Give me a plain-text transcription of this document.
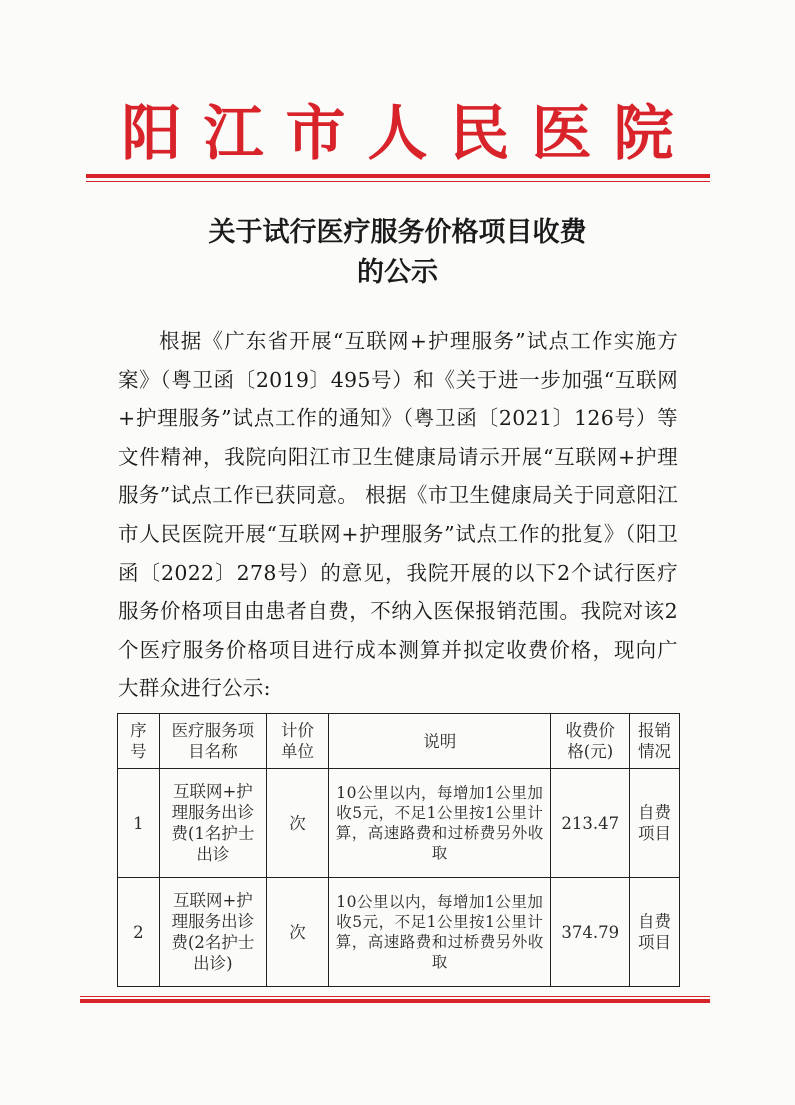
阳江市人民医院
关于试行医疗服务价格项目收费
的公示

根据《广东省开展“互联网+护理服务”试点工作实施方案》（粤卫函〔2019〕495号）和《关于进一步加强“互联网+护理服务”试点工作的通知》（粤卫函〔2021〕126号）等文件精神，我院向阳江市卫生健康局请示开展“互联网+护理服务”试点工作已获同意。 根据《市卫生健康局关于同意阳江市人民医院开展“互联网+护理服务”试点工作的批复》（阳卫函〔2022〕278号）的意见，我院开展的以下2个试行医疗服务价格项目由患者自费，不纳入医保报销范围。我院对该2个医疗服务价格项目进行成本测算并拟定收费价格，现向广大群众进行公示:

序号	医疗服务项目名称	计价单位	说明	收费价格(元)	报销情况
1	互联网+护理服务出诊费(1名护士出诊	次	10公里以内，每增加1公里加收5元，不足1公里按1公里计算，高速路费和过桥费另外收取	213.47	自费项目
2	互联网+护理服务出诊费(2名护士出诊)	次	10公里以内，每增加1公里加收5元，不足1公里按1公里计算，高速路费和过桥费另外收取	374.79	自费项目
